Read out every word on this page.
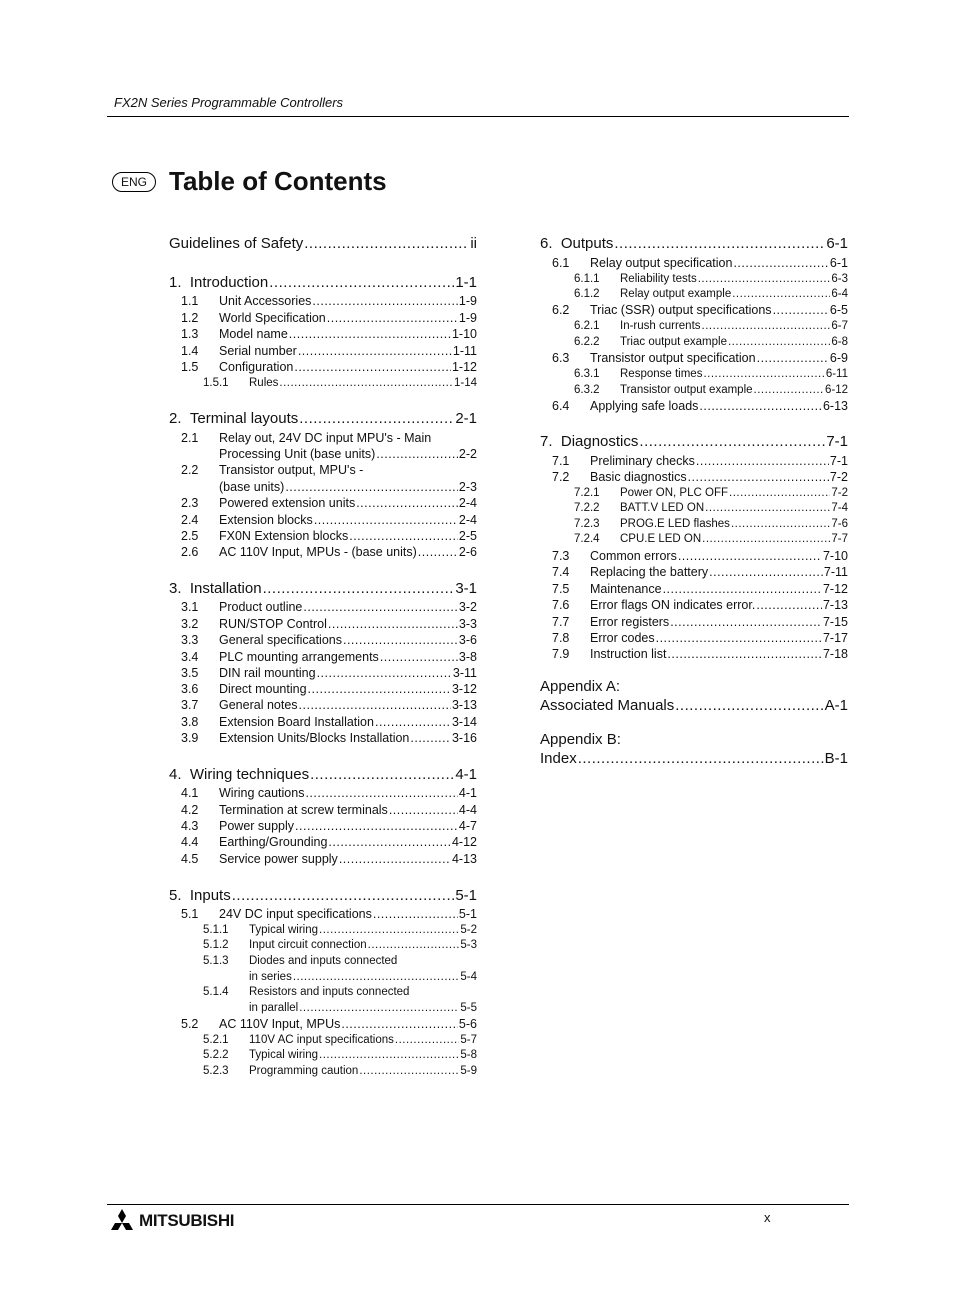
FX2N Series Programmable Controllers
ENG Table of Contents
Guidelines of Safety .....	ii
1. Introduction .....	1-1
1.1	Unit Accessories .....	1-9
1.2	World Specification .....	1-9
1.3	Model name .....	1-10
1.4	Serial number .....	1-11
1.5	Configuration .....	1-12
1.5.1	Rules .....	1-14
2. Terminal layouts .....	2-1
2.1 Relay out, 24V DC input MPU's - Main
Processing Unit (base units) .....	2-2
2.2 Transistor output, MPU's -
(base units) .....	2-3
2.3	Powered extension units .....	2-4
2.4	Extension blocks .....	2-4
2.5	FX0N Extension blocks .....	2-5
2.6	AC 110V Input, MPUs - (base units) .....	2-6
3. Installation .....	3-1
3.1	Product outline .....	3-2
3.2	RUN/STOP Control .....	3-3
3.3	General specifications .....	3-6
3.4	PLC mounting arrangements .....	3-8
3.5	DIN rail mounting .....	3-11
3.6	Direct mounting .....	3-12
3.7	General notes .....	3-13
3.8	Extension Board Installation .....	3-14
3.9	Extension Units/Blocks Installation .....	3-16
4. Wiring techniques .....	4-1
4.1	Wiring cautions .....	4-1
4.2	Termination at screw terminals .....	4-4
4.3	Power supply .....	4-7
4.4	Earthing/Grounding .....	4-12
4.5	Service power supply .....	4-13
5. Inputs .....	5-1
5.1	24V DC input specifications .....	5-1
5.1.1	Typical wiring .....	5-2
5.1.2	Input circuit connection .....	5-3
5.1.3 Diodes and inputs connected
in series .....	5-4
5.1.4 Resistors and inputs connected
in parallel .....	5-5
5.2	AC 110V Input, MPUs .....	5-6
5.2.1	110V AC input specifications .....	5-7
5.2.2	Typical wiring .....	5-8
5.2.3	Programming caution .....	5-9
6. Outputs .....	6-1
6.1	Relay output specification .....	6-1
6.1.1	Reliability tests .....	6-3
6.1.2	Relay output example .....	6-4
6.2	Triac (SSR) output specifications .....	6-5
6.2.1	In-rush currents .....	6-7
6.2.2	Triac output example .....	6-8
6.3	Transistor output specification .....	6-9
6.3.1	Response times .....	6-11
6.3.2	Transistor output example .....	6-12
6.4	Applying safe loads .....	6-13
7. Diagnostics .....	7-1
7.1	Preliminary checks .....	7-1
7.2	Basic diagnostics .....	7-2
7.2.1	Power ON, PLC OFF .....	7-2
7.2.2	BATT.V LED ON .....	7-4
7.2.3	PROG.E LED flashes .....	7-6
7.2.4	CPU.E LED ON .....	7-7
7.3	Common errors .....	7-10
7.4	Replacing the battery .....	7-11
7.5	Maintenance .....	7-12
7.6	Error flags ON indicates error. .....	7-13
7.7	Error registers .....	7-15
7.8	Error codes .....	7-17
7.9	Instruction list .....	7-18
Appendix A:
Associated Manuals .....	A-1
Appendix B:
Index .....	B-1
MITSUBISHI	x
